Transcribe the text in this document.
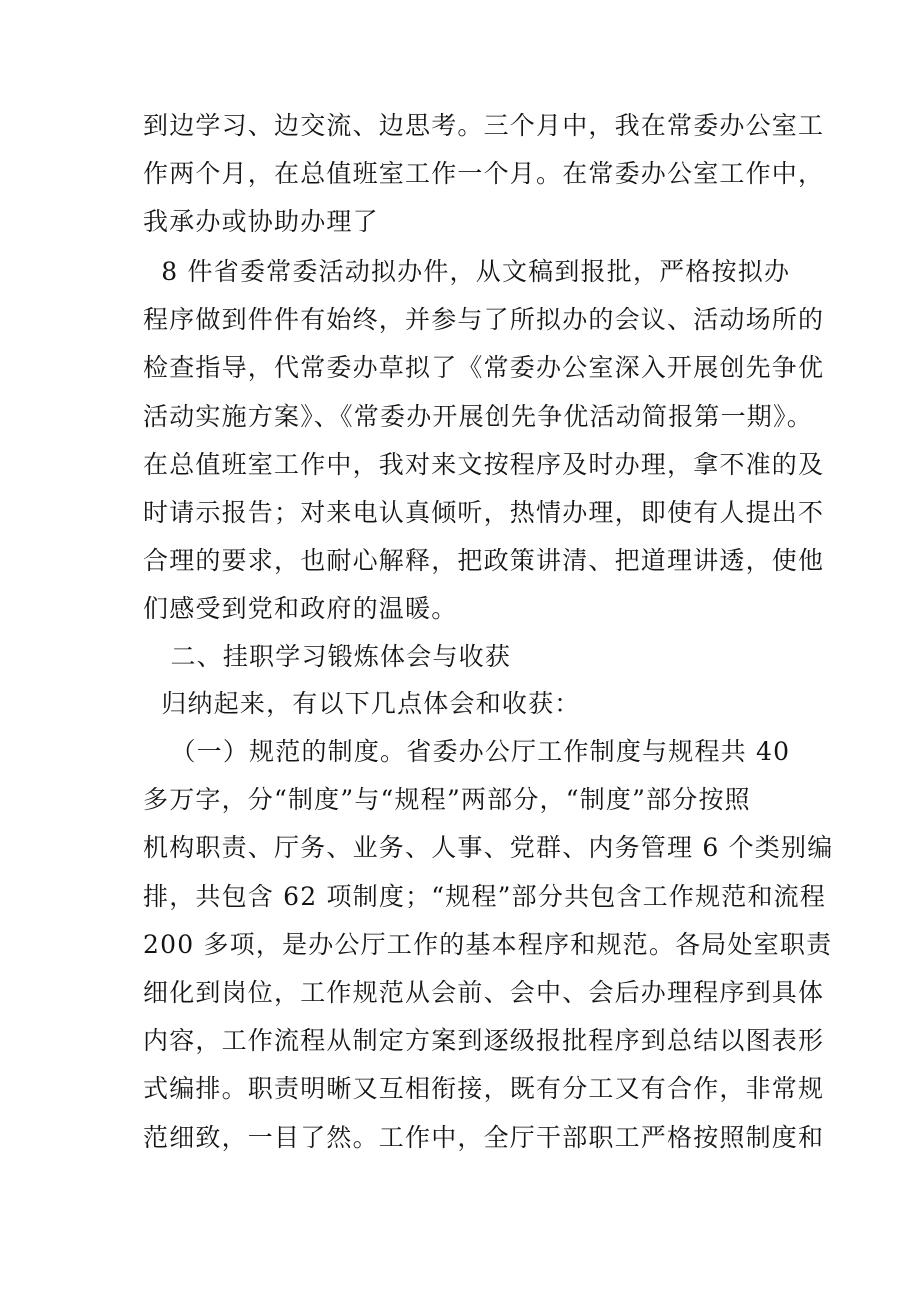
到边学习、边交流、边思考。三个月中，我在常委办公室工
作两个月，在总值班室工作一个月。在常委办公室工作中，
我承办或协助办理了
8 件省委常委活动拟办件，从文稿到报批，严格按拟办
程序做到件件有始终，并参与了所拟办的会议、活动场所的
检查指导，代常委办草拟了《常委办公室深入开展创先争优
活动实施方案》、《常委办开展创先争优活动简报第一期》。
在总值班室工作中，我对来文按程序及时办理，拿不准的及
时请示报告；对来电认真倾听，热情办理，即使有人提出不
合理的要求，也耐心解释，把政策讲清、把道理讲透，使他
们感受到党和政府的温暖。
二、挂职学习锻炼体会与收获
归纳起来，有以下几点体会和收获：
（一）规范的制度。省委办公厅工作制度与规程共 40
多万字，分“制度”与“规程”两部分，“制度”部分按照
机构职责、厅务、业务、人事、党群、内务管理 6 个类别编
排，共包含 62 项制度；“规程”部分共包含工作规范和流程
200 多项，是办公厅工作的基本程序和规范。各局处室职责
细化到岗位，工作规范从会前、会中、会后办理程序到具体
内容，工作流程从制定方案到逐级报批程序到总结以图表形
式编排。职责明晰又互相衔接，既有分工又有合作，非常规
范细致，一目了然。工作中，全厅干部职工严格按照制度和
